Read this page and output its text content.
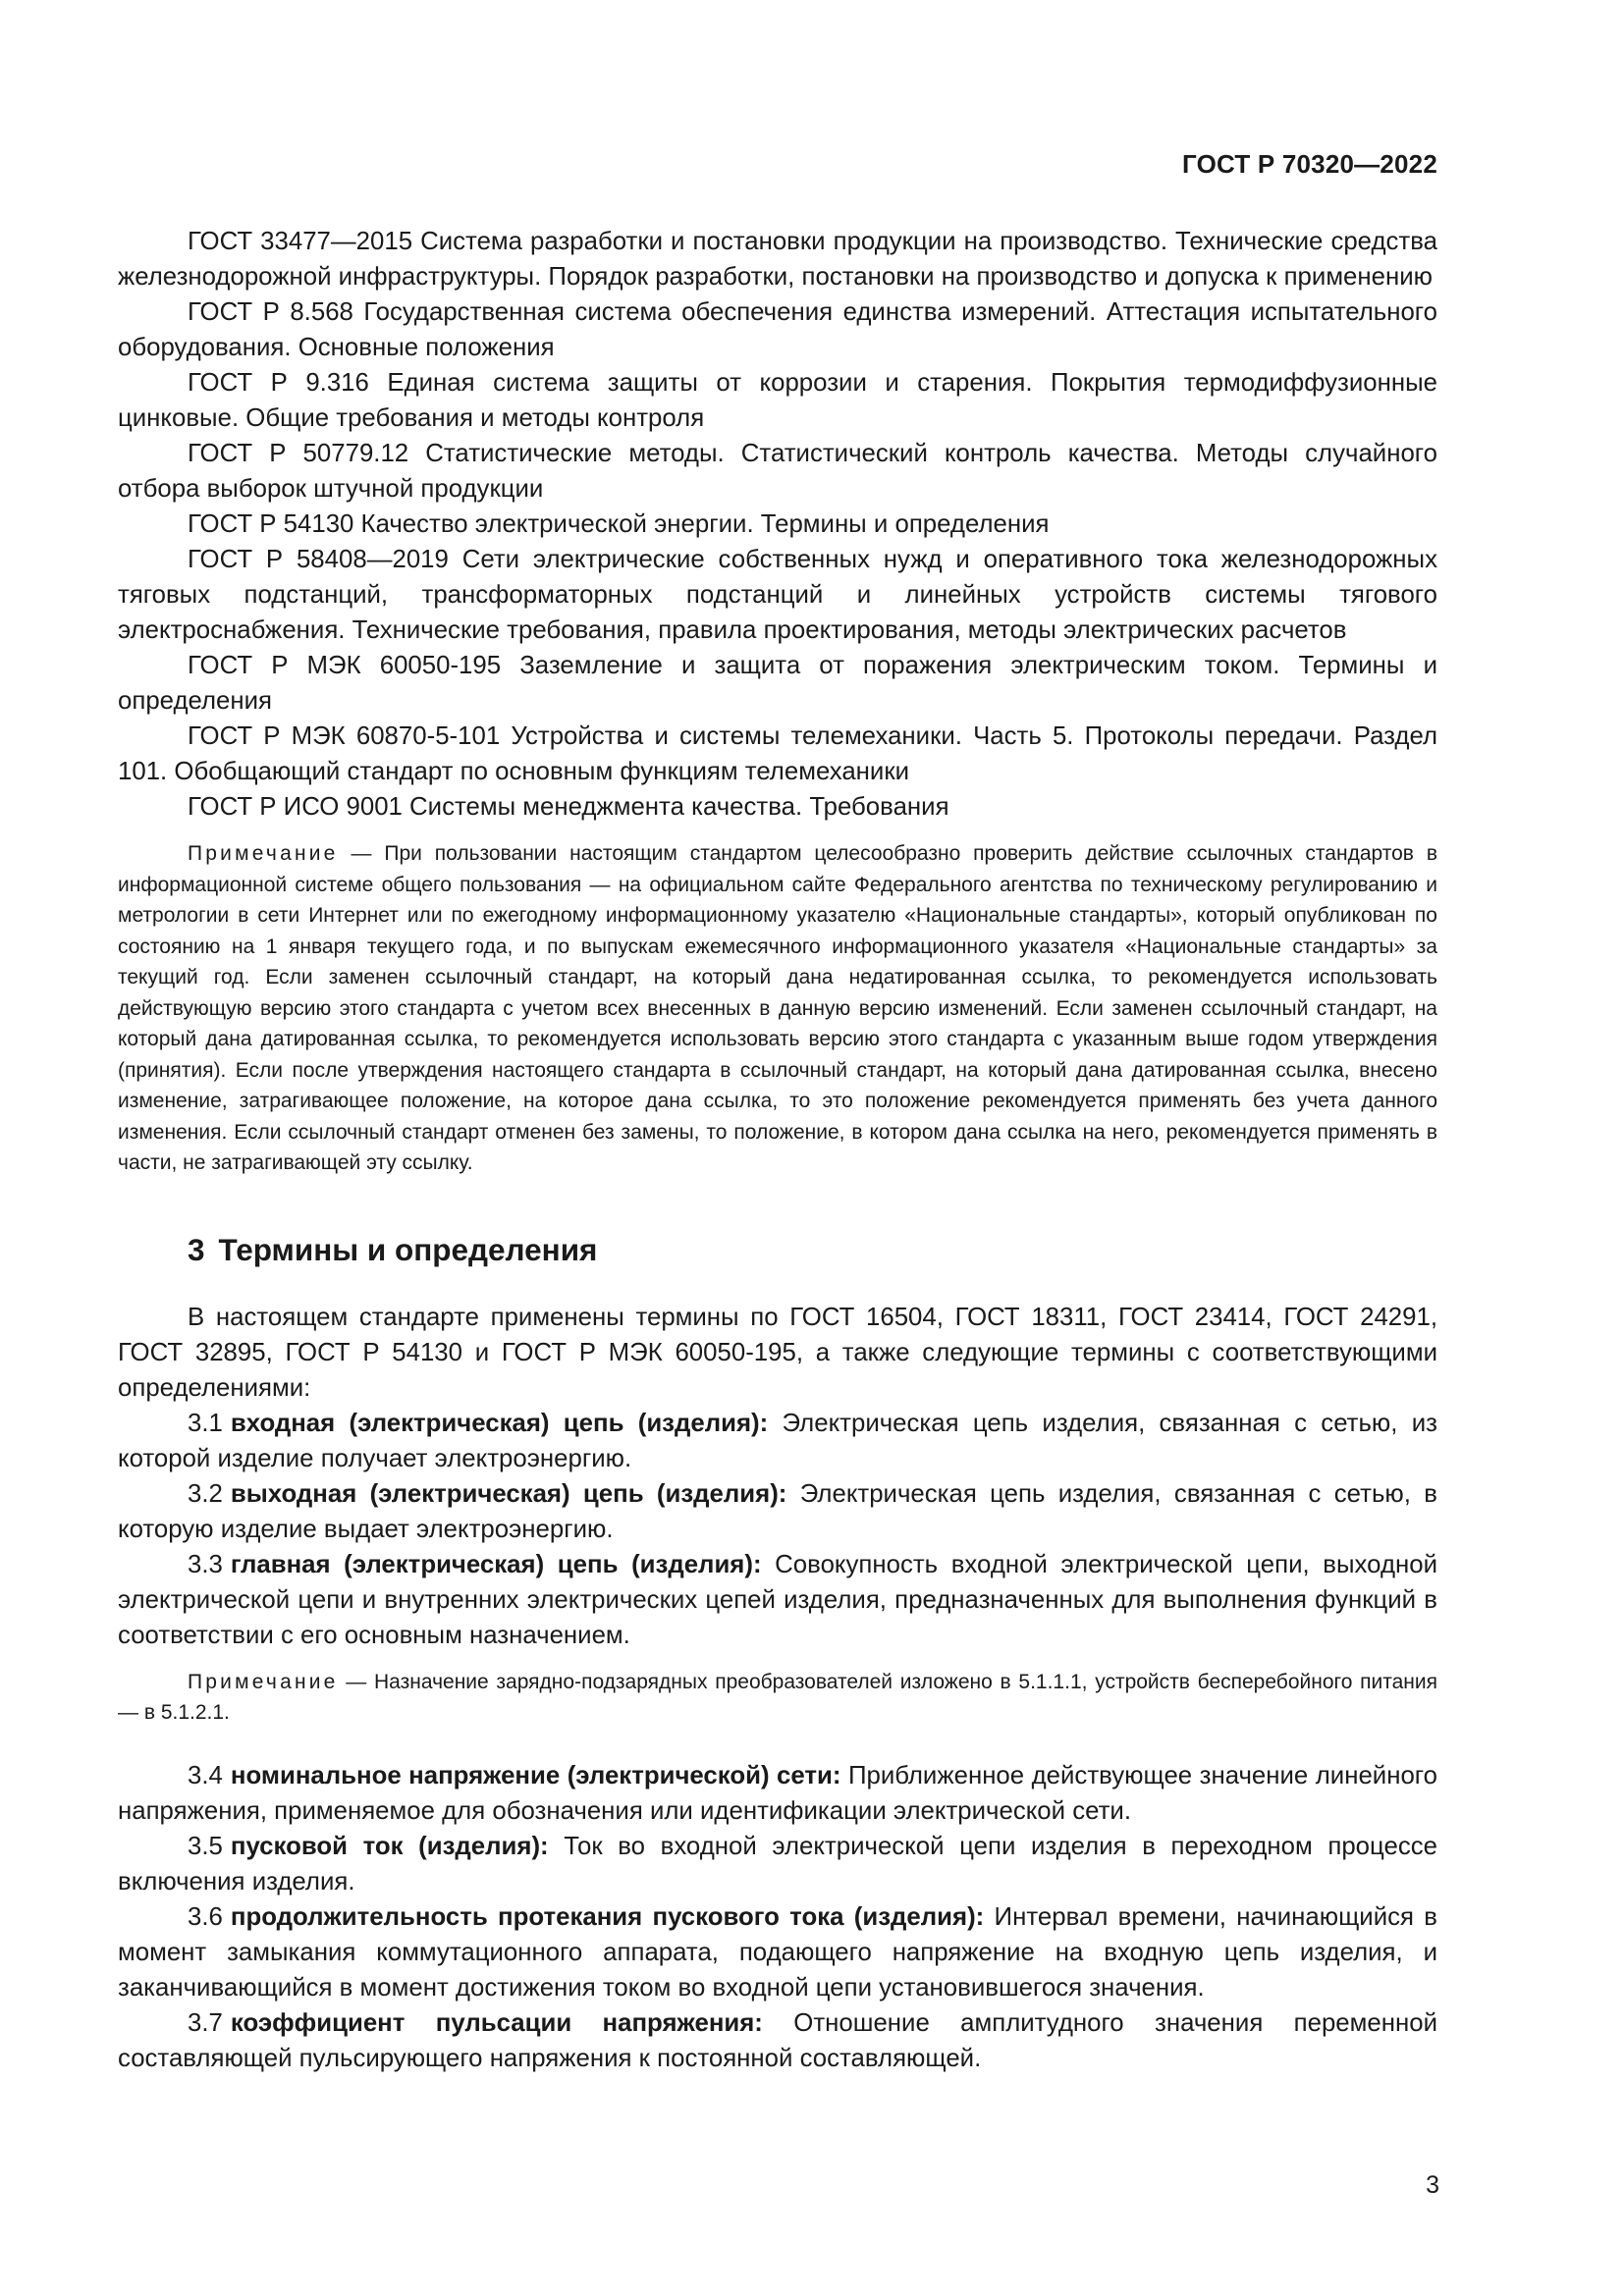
ГОСТ Р 70320—2022

ГОСТ 33477—2015 Система разработки и постановки продукции на производство. Технические средства железнодорожной инфраструктуры. Порядок разработки, постановки на производство и допуска к применению

ГОСТ Р 8.568 Государственная система обеспечения единства измерений. Аттестация испытательного оборудования. Основные положения

ГОСТ Р 9.316 Единая система защиты от коррозии и старения. Покрытия термодиффузионные цинковые. Общие требования и методы контроля

ГОСТ Р 50779.12 Статистические методы. Статистический контроль качества. Методы случайного отбора выборок штучной продукции

ГОСТ Р 54130 Качество электрической энергии. Термины и определения

ГОСТ Р 58408—2019 Сети электрические собственных нужд и оперативного тока железнодорожных тяговых подстанций, трансформаторных подстанций и линейных устройств системы тягового электроснабжения. Технические требования, правила проектирования, методы электрических расчетов

ГОСТ Р МЭК 60050-195 Заземление и защита от поражения электрическим током. Термины и определения

ГОСТ Р МЭК 60870-5-101 Устройства и системы телемеханики. Часть 5. Протоколы передачи. Раздел 101. Обобщающий стандарт по основным функциям телемеханики

ГОСТ Р ИСО 9001 Системы менеджмента качества. Требования

Примечание — При пользовании настоящим стандартом целесообразно проверить действие ссылочных стандартов в информационной системе общего пользования — на официальном сайте Федерального агентства по техническому регулированию и метрологии в сети Интернет или по ежегодному информационному указателю «Национальные стандарты», который опубликован по состоянию на 1 января текущего года, и по выпускам ежемесячного информационного указателя «Национальные стандарты» за текущий год. Если заменен ссылочный стандарт, на который дана недатированная ссылка, то рекомендуется использовать действующую версию этого стандарта с учетом всех внесенных в данную версию изменений. Если заменен ссылочный стандарт, на который дана датированная ссылка, то рекомендуется использовать версию этого стандарта с указанным выше годом утверждения (принятия). Если после утверждения настоящего стандарта в ссылочный стандарт, на который дана датированная ссылка, внесено изменение, затрагивающее положение, на которое дана ссылка, то это положение рекомендуется применять без учета данного изменения. Если ссылочный стандарт отменен без замены, то положение, в котором дана ссылка на него, рекомендуется применять в части, не затрагивающей эту ссылку.

3 Термины и определения

В настоящем стандарте применены термины по ГОСТ 16504, ГОСТ 18311, ГОСТ 23414, ГОСТ 24291, ГОСТ 32895, ГОСТ Р 54130 и ГОСТ Р МЭК 60050-195, а также следующие термины с соответствующими определениями:

3.1 входная (электрическая) цепь (изделия): Электрическая цепь изделия, связанная с сетью, из которой изделие получает электроэнергию.

3.2 выходная (электрическая) цепь (изделия): Электрическая цепь изделия, связанная с сетью, в которую изделие выдает электроэнергию.

3.3 главная (электрическая) цепь (изделия): Совокупность входной электрической цепи, выходной электрической цепи и внутренних электрических цепей изделия, предназначенных для выполнения функций в соответствии с его основным назначением.

Примечание — Назначение зарядно-подзарядных преобразователей изложено в 5.1.1.1, устройств бесперебойного питания — в 5.1.2.1.

3.4 номинальное напряжение (электрической) сети: Приближенное действующее значение линейного напряжения, применяемое для обозначения или идентификации электрической сети.

3.5 пусковой ток (изделия): Ток во входной электрической цепи изделия в переходном процессе включения изделия.

3.6 продолжительность протекания пускового тока (изделия): Интервал времени, начинающийся в момент замыкания коммутационного аппарата, подающего напряжение на входную цепь изделия, и заканчивающийся в момент достижения током во входной цепи установившегося значения.

3.7 коэффициент пульсации напряжения: Отношение амплитудного значения переменной составляющей пульсирующего напряжения к постоянной составляющей.

3
